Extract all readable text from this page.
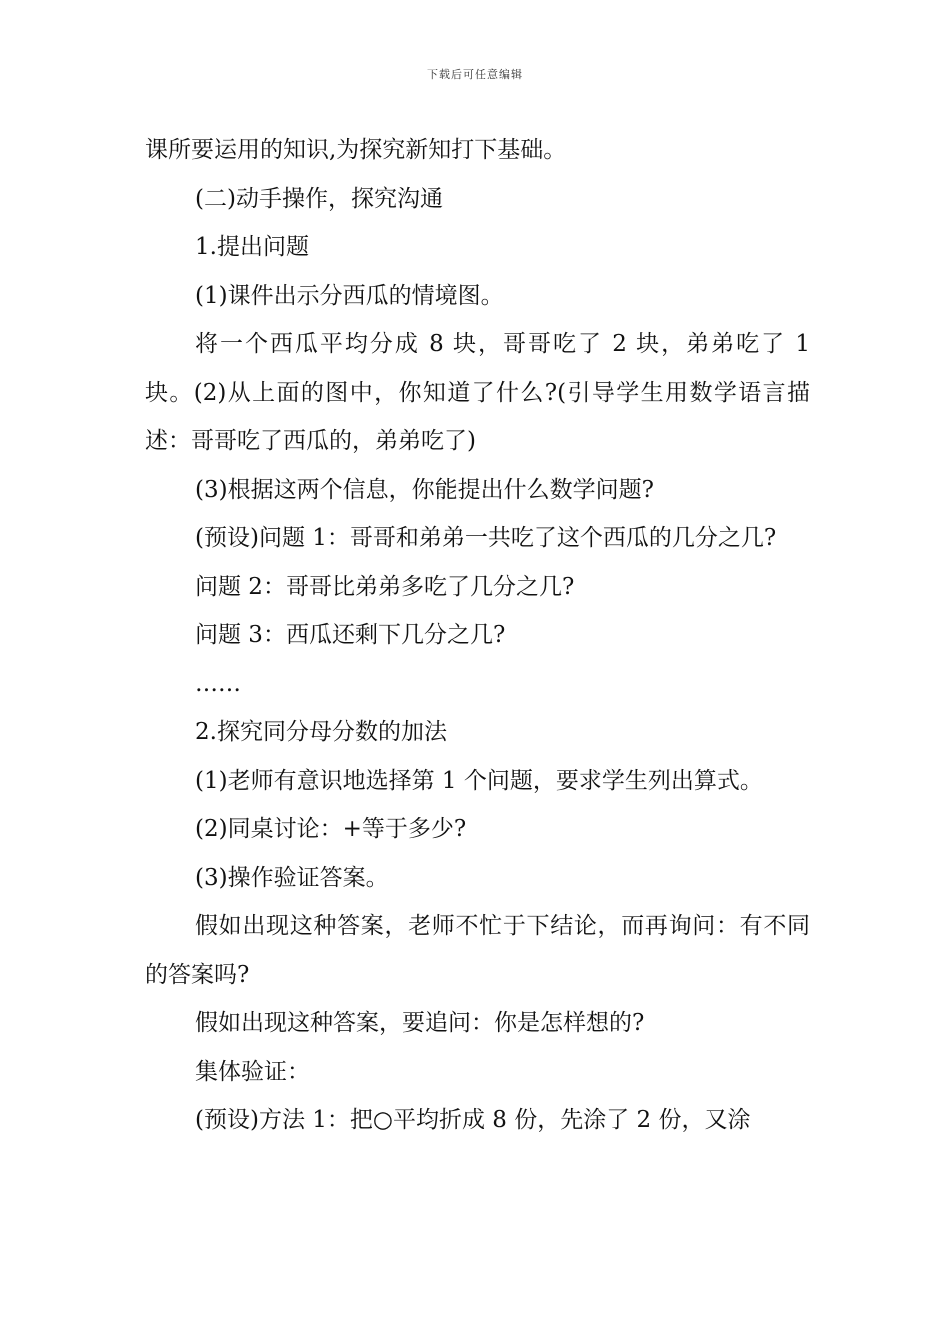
下载后可任意编辑

课所要运用的知识,为探究新知打下基础。

(二)动手操作，探究沟通

1.提出问题

(1)课件出示分西瓜的情境图。

将一个西瓜平均分成 8 块，哥哥吃了 2 块，弟弟吃了 1 块。(2)从上面的图中，你知道了什么?(引导学生用数学语言描述：哥哥吃了西瓜的，弟弟吃了)

(3)根据这两个信息，你能提出什么数学问题?

(预设)问题 1：哥哥和弟弟一共吃了这个西瓜的几分之几?

问题 2：哥哥比弟弟多吃了几分之几?

问题 3：西瓜还剩下几分之几?

……

2.探究同分母分数的加法

(1)老师有意识地选择第 1 个问题，要求学生列出算式。

(2)同桌讨论：+等于多少?

(3)操作验证答案。

假如出现这种答案，老师不忙于下结论，而再询问：有不同的答案吗?

假如出现这种答案，要追问：你是怎样想的?

集体验证：

(预设)方法 1：把○平均折成 8 份，先涂了 2 份，又涂
